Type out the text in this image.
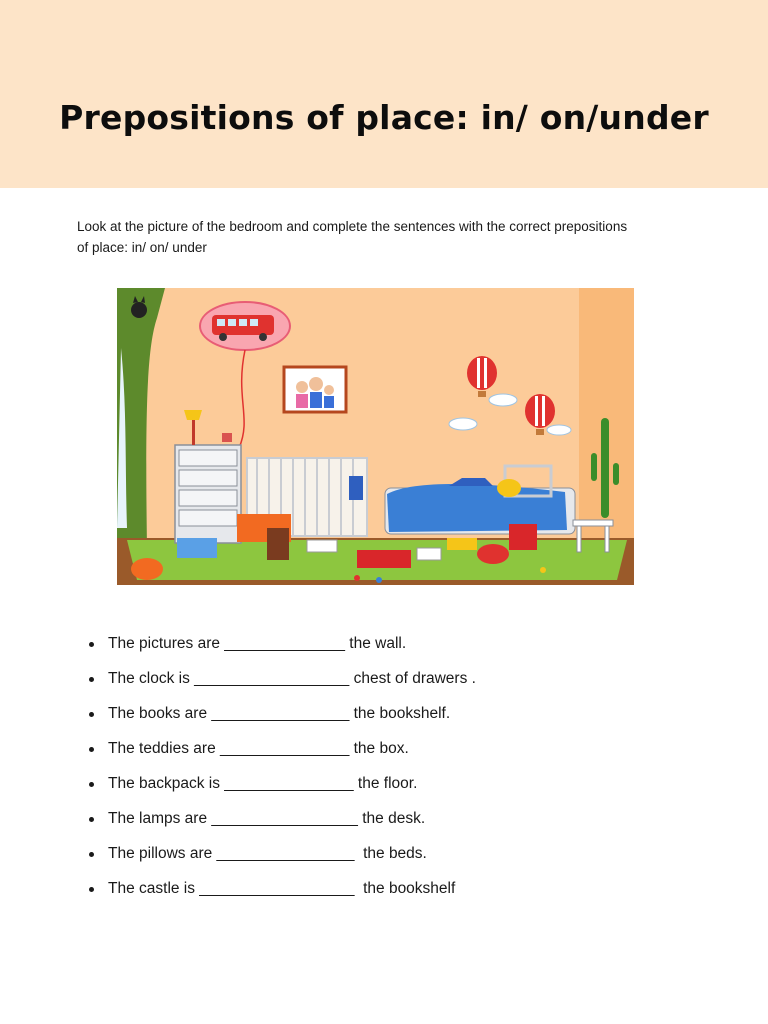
Prepositions of place: in/ on/under

Look at the picture of the bedroom and complete the sentences with the correct prepositions of place: in/ on/ under

The pictures are ______________ the wall.
The clock is __________________ chest of drawers .
The books are ________________ the bookshelf.
The teddies are _______________ the box.
The backpack is _______________ the floor.
The lamps are _________________ the desk.
The pillows are ________________  the beds.
The castle is __________________  the bookshelf
